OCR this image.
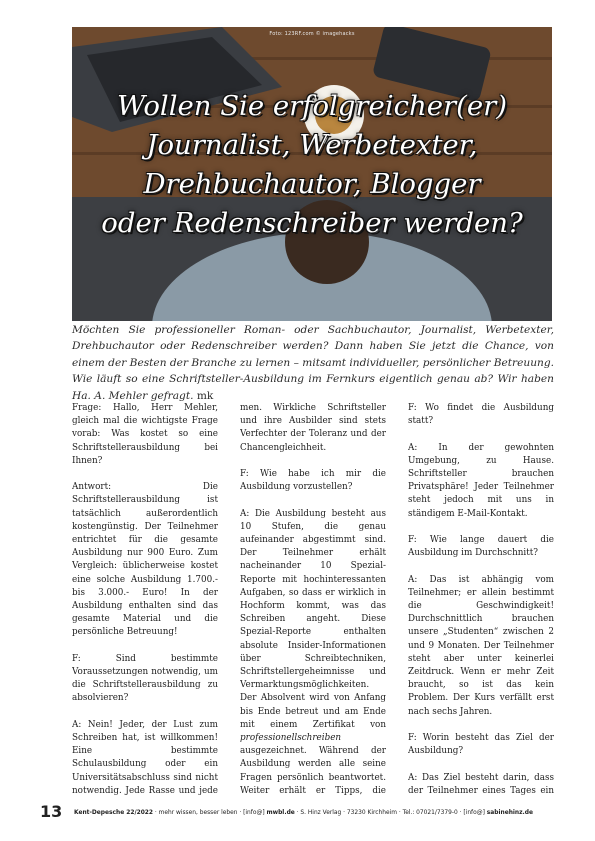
Foto: 123RF.com © imagehacks
Wollen Sie erfolgreicher(er)
Journalist, Werbetexter,
Drehbuchautor, Blogger
oder Redenschreiber werden?

Möchten Sie professioneller Roman- oder Sachbuchautor, Journalist, Werbetexter, Drehbuchautor oder Redenschreiber werden? Dann haben Sie jetzt die Chance, von einem der Besten der Branche zu lernen – mitsamt individueller, persönlicher Betreuung. Wie läuft so eine Schriftsteller-Ausbildung im Fernkurs eigentlich genau ab? Wir haben Ha. A. Mehler gefragt. mk

Frage: Hallo, Herr Mehler, gleich mal die wichtigste Frage vorab: Was kostet so eine Schriftstellerausbildung bei Ihnen?

Antwort: Die Schriftstellerausbildung ist tatsächlich außerordentlich kostengünstig. Der Teilnehmer entrichtet für die gesamte Ausbildung nur 900 Euro. Zum Vergleich: üblicherweise kostet eine solche Ausbildung 1.700.- bis 3.000.- Euro! In der Ausbildung enthalten sind das gesamte Material und die persönliche Betreuung!

F: Sind bestimmte Voraussetzungen notwendig, um die Schriftstellerausbildung zu absolvieren?

A: Nein! Jeder, der Lust zum Schreiben hat, ist willkommen! Eine bestimmte Schulausbildung oder ein Universitätsabschluss sind nicht notwendig. Jede Rasse und jede

men. Wirkliche Schriftsteller und ihre Ausbilder sind stets Verfechter der Toleranz und der Chancengleichheit.

F: Wie habe ich mir die Ausbildung vorzustellen?

A: Die Ausbildung besteht aus 10 Stufen, die genau aufeinander abgestimmt sind. Der Teilnehmer erhält nacheinander 10 Spezial-Reporte mit hochinteressanten Aufgaben, so dass er wirklich in Hochform kommt, was das Schreiben angeht. Diese Spezial-Reporte enthalten absolute Insider-Informationen über Schreibtechniken, Schriftstellergeheimnisse und Vermarktungsmöglichkeiten. Der Absolvent wird von Anfang bis Ende betreut und am Ende mit einem Zertifikat von professionellschreiben ausgezeichnet. Während der Ausbildung werden alle seine Fragen persönlich beantwortet. Weiter erhält er Tipps, die

F: Wo findet die Ausbildung statt?

A: In der gewohnten Umgebung, zu Hause. Schriftsteller brauchen Privatsphäre! Jeder Teilnehmer steht jedoch mit uns in ständigem E-Mail-Kontakt.

F: Wie lange dauert die Ausbildung im Durchschnitt?

A: Das ist abhängig vom Teilnehmer; er allein bestimmt die Geschwindigkeit! Durchschnittlich brauchen unsere „Studenten“ zwischen 2 und 9 Monaten. Der Teilnehmer steht aber unter keinerlei Zeitdruck. Wenn er mehr Zeit braucht, so ist das kein Problem. Der Kurs verfällt erst nach sechs Jahren.

F: Worin besteht das Ziel der Ausbildung?

A: Das Ziel besteht darin, dass der Teilnehmer eines Tages ein

13 Kent-Depesche 22/2022 · mehr wissen, besser leben · [info@] mwbl.de · S. Hinz Verlag · 73230 Kirchheim · Tel.: 07021/7379-0 · [info@] sabinehinz.de
